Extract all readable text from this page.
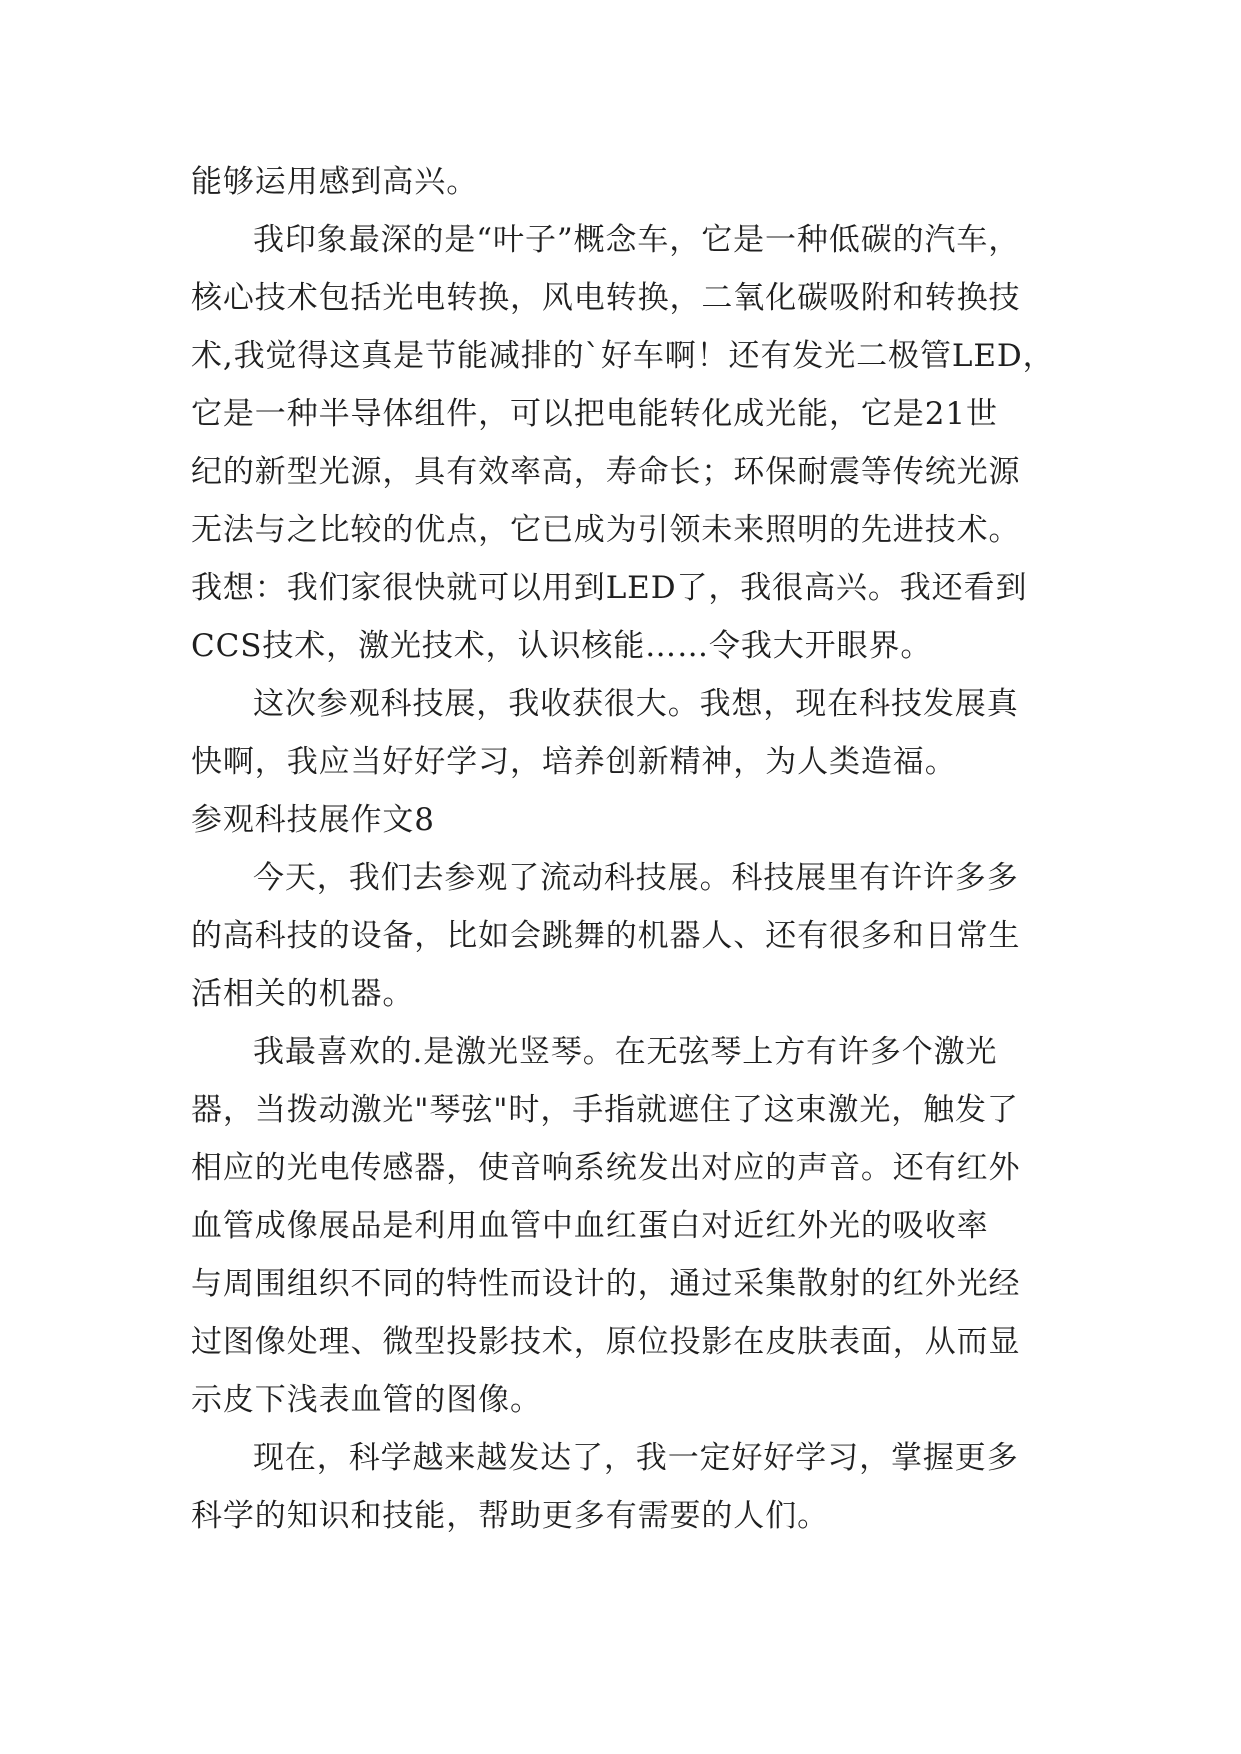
能够运用感到高兴。
我印象最深的是“叶子”概念车，它是一种低碳的汽车，
核心技术包括光电转换，风电转换，二氧化碳吸附和转换技
术,我觉得这真是节能减排的`好车啊！还有发光二极管LED，
它是一种半导体组件，可以把电能转化成光能，它是21世
纪的新型光源，具有效率高，寿命长；环保耐震等传统光源
无法与之比较的优点，它已成为引领未来照明的先进技术。
我想：我们家很快就可以用到LED了，我很高兴。我还看到
CCS技术，激光技术，认识核能……令我大开眼界。
这次参观科技展，我收获很大。我想，现在科技发展真
快啊，我应当好好学习，培养创新精神，为人类造福。
参观科技展作文8
今天，我们去参观了流动科技展。科技展里有许许多多
的高科技的设备，比如会跳舞的机器人、还有很多和日常生
活相关的机器。
我最喜欢的.是激光竖琴。在无弦琴上方有许多个激光
器，当拨动激光"琴弦"时，手指就遮住了这束激光，触发了
相应的光电传感器，使音响系统发出对应的声音。还有红外
血管成像展品是利用血管中血红蛋白对近红外光的吸收率
与周围组织不同的特性而设计的，通过采集散射的红外光经
过图像处理、微型投影技术，原位投影在皮肤表面，从而显
示皮下浅表血管的图像。
现在，科学越来越发达了，我一定好好学习，掌握更多
科学的知识和技能，帮助更多有需要的人们。
